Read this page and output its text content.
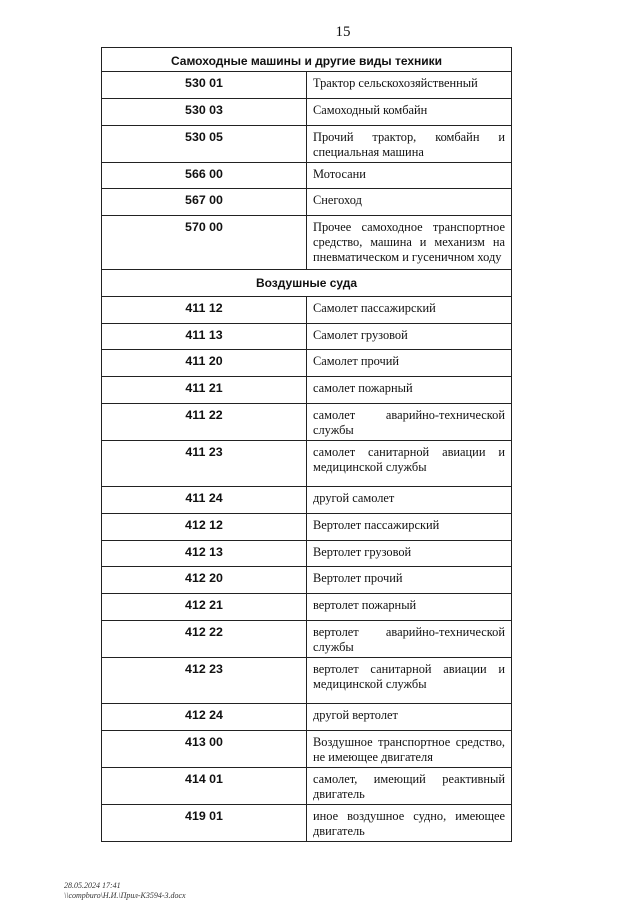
15
Самоходные машины и другие виды техники	

530 01	Трактор сельскохозяйственный

530 03	Самоходный комбайн

530 05	Прочий трактор, комбайн и специальная машина

566 00	Мотосани

567 00	Снегоход

570 00	Прочее самоходное транспортное средство, машина и механизм на пневматическом и гусеничном ходу

Воздушные суда	

411 12	Самолет пассажирский

411 13	Самолет грузовой

411 20	Самолет прочий

411 21	самолет пожарный

411 22	самолет аварийно-технической службы

411 23	самолет санитарной авиации и медицинской службы

411 24	другой самолет

412 12	Вертолет пассажирский

412 13	Вертолет грузовой

412 20	Вертолет прочий

412 21	вертолет пожарный

412 22	вертолет аварийно-технической службы

412 23	вертолет санитарной авиации и медицинской службы

412 24	другой вертолет

413 00	Воздушное транспортное средство, не имеющее двигателя

414 01	самолет, имеющий реактивный двигатель

419 01	иное воздушное судно, имеющее двигатель
28.05.2024 17:41
\\compburo\Н.И.\Прил-К3594-3.docx
